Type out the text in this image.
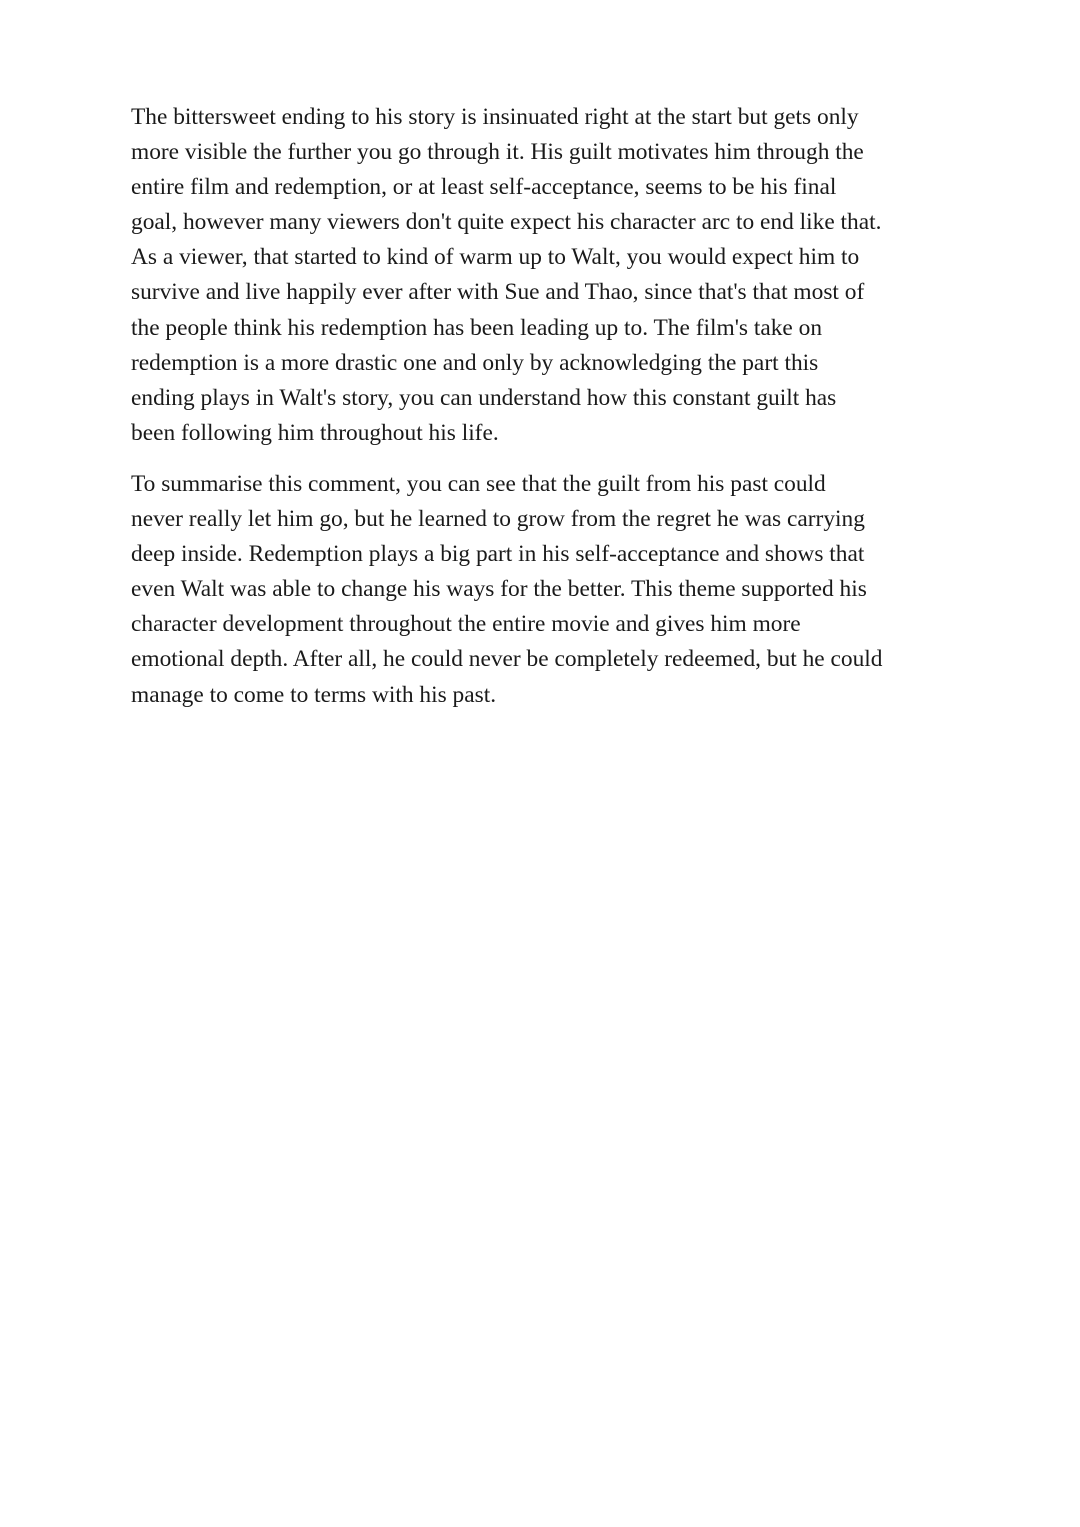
The bittersweet ending to his story is insinuated right at the start but gets only
more visible the further you go through it. His guilt motivates him through the
entire film and redemption, or at least self-acceptance, seems to be his final
goal, however many viewers don't quite expect his character arc to end like that.
As a viewer, that started to kind of warm up to Walt, you would expect him to
survive and live happily ever after with Sue and Thao, since that's that most of
the people think his redemption has been leading up to. The film's take on
redemption is a more drastic one and only by acknowledging the part this
ending plays in Walt's story, you can understand how this constant guilt has
been following him throughout his life.

To summarise this comment, you can see that the guilt from his past could
never really let him go, but he learned to grow from the regret he was carrying
deep inside. Redemption plays a big part in his self-acceptance and shows that
even Walt was able to change his ways for the better. This theme supported his
character development throughout the entire movie and gives him more
emotional depth. After all, he could never be completely redeemed, but he could
manage to come to terms with his past.
